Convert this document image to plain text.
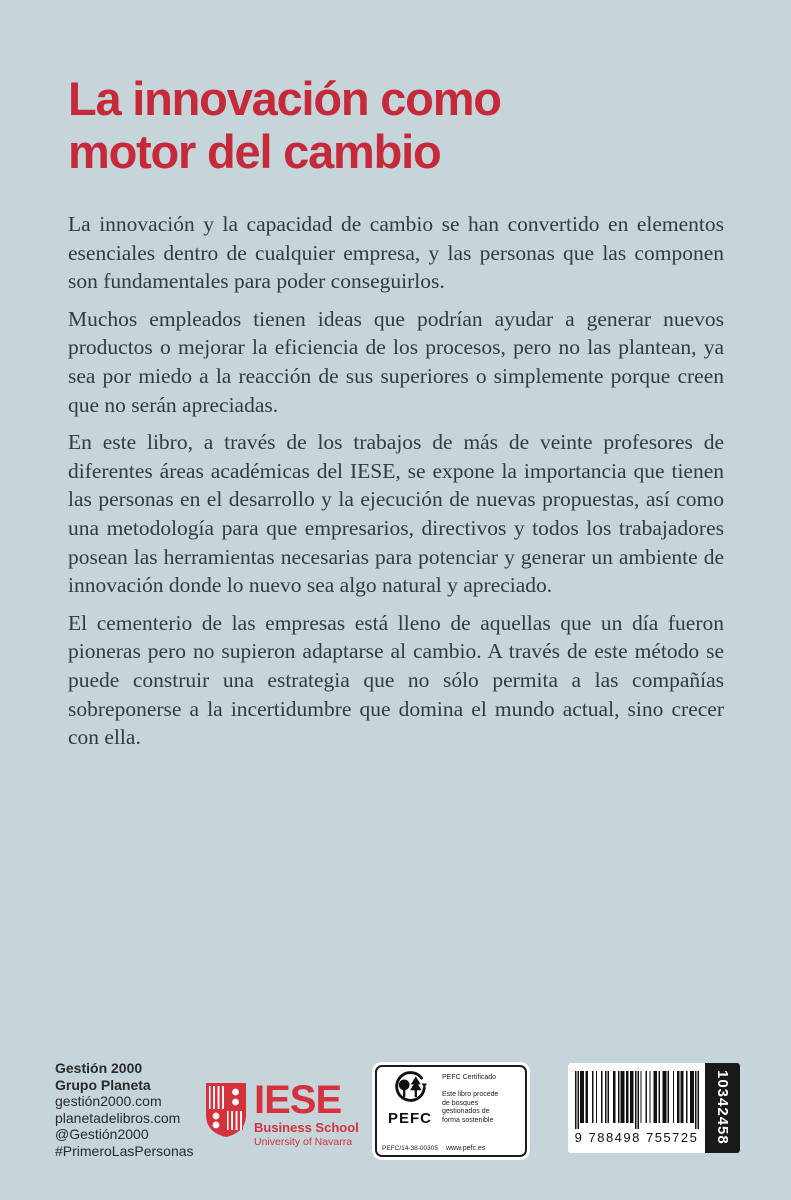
La innovación como motor del cambio

La innovación y la capacidad de cambio se han convertido en elementos esenciales dentro de cualquier empresa, y las personas que las componen son fundamentales para poder conseguirlos.

Muchos empleados tienen ideas que podrían ayudar a generar nuevos productos o mejorar la eficiencia de los procesos, pero no las plantean, ya sea por miedo a la reacción de sus superiores o simplemente porque creen que no serán apreciadas.

En este libro, a través de los trabajos de más de veinte profesores de diferentes áreas académicas del IESE, se expone la importancia que tienen las personas en el desarrollo y la ejecución de nuevas propuestas, así como una metodología para que empresarios, directivos y todos los trabajadores posean las herramientas necesarias para potenciar y generar un ambiente de innovación donde lo nuevo sea algo natural y apreciado.

El cementerio de las empresas está lleno de aquellas que un día fueron pioneras pero no supieron adaptarse al cambio. A través de este método se puede construir una estrategia que no sólo permita a las compañías sobreponerse a la incertidumbre que domina el mundo actual, sino crecer con ella.

Gestión 2000
Grupo Planeta
gestión2000.com
planetadelibros.com
@Gestión2000
#PrimeroLasPersonas
IESE
Business School
University of Navarra
PEFC
PEFC Certificado
Este libro procede de bosques gestionados de forma sostenible
PEFC/14-38-00305 www.pefc.es
9 788498 755725 10342458
